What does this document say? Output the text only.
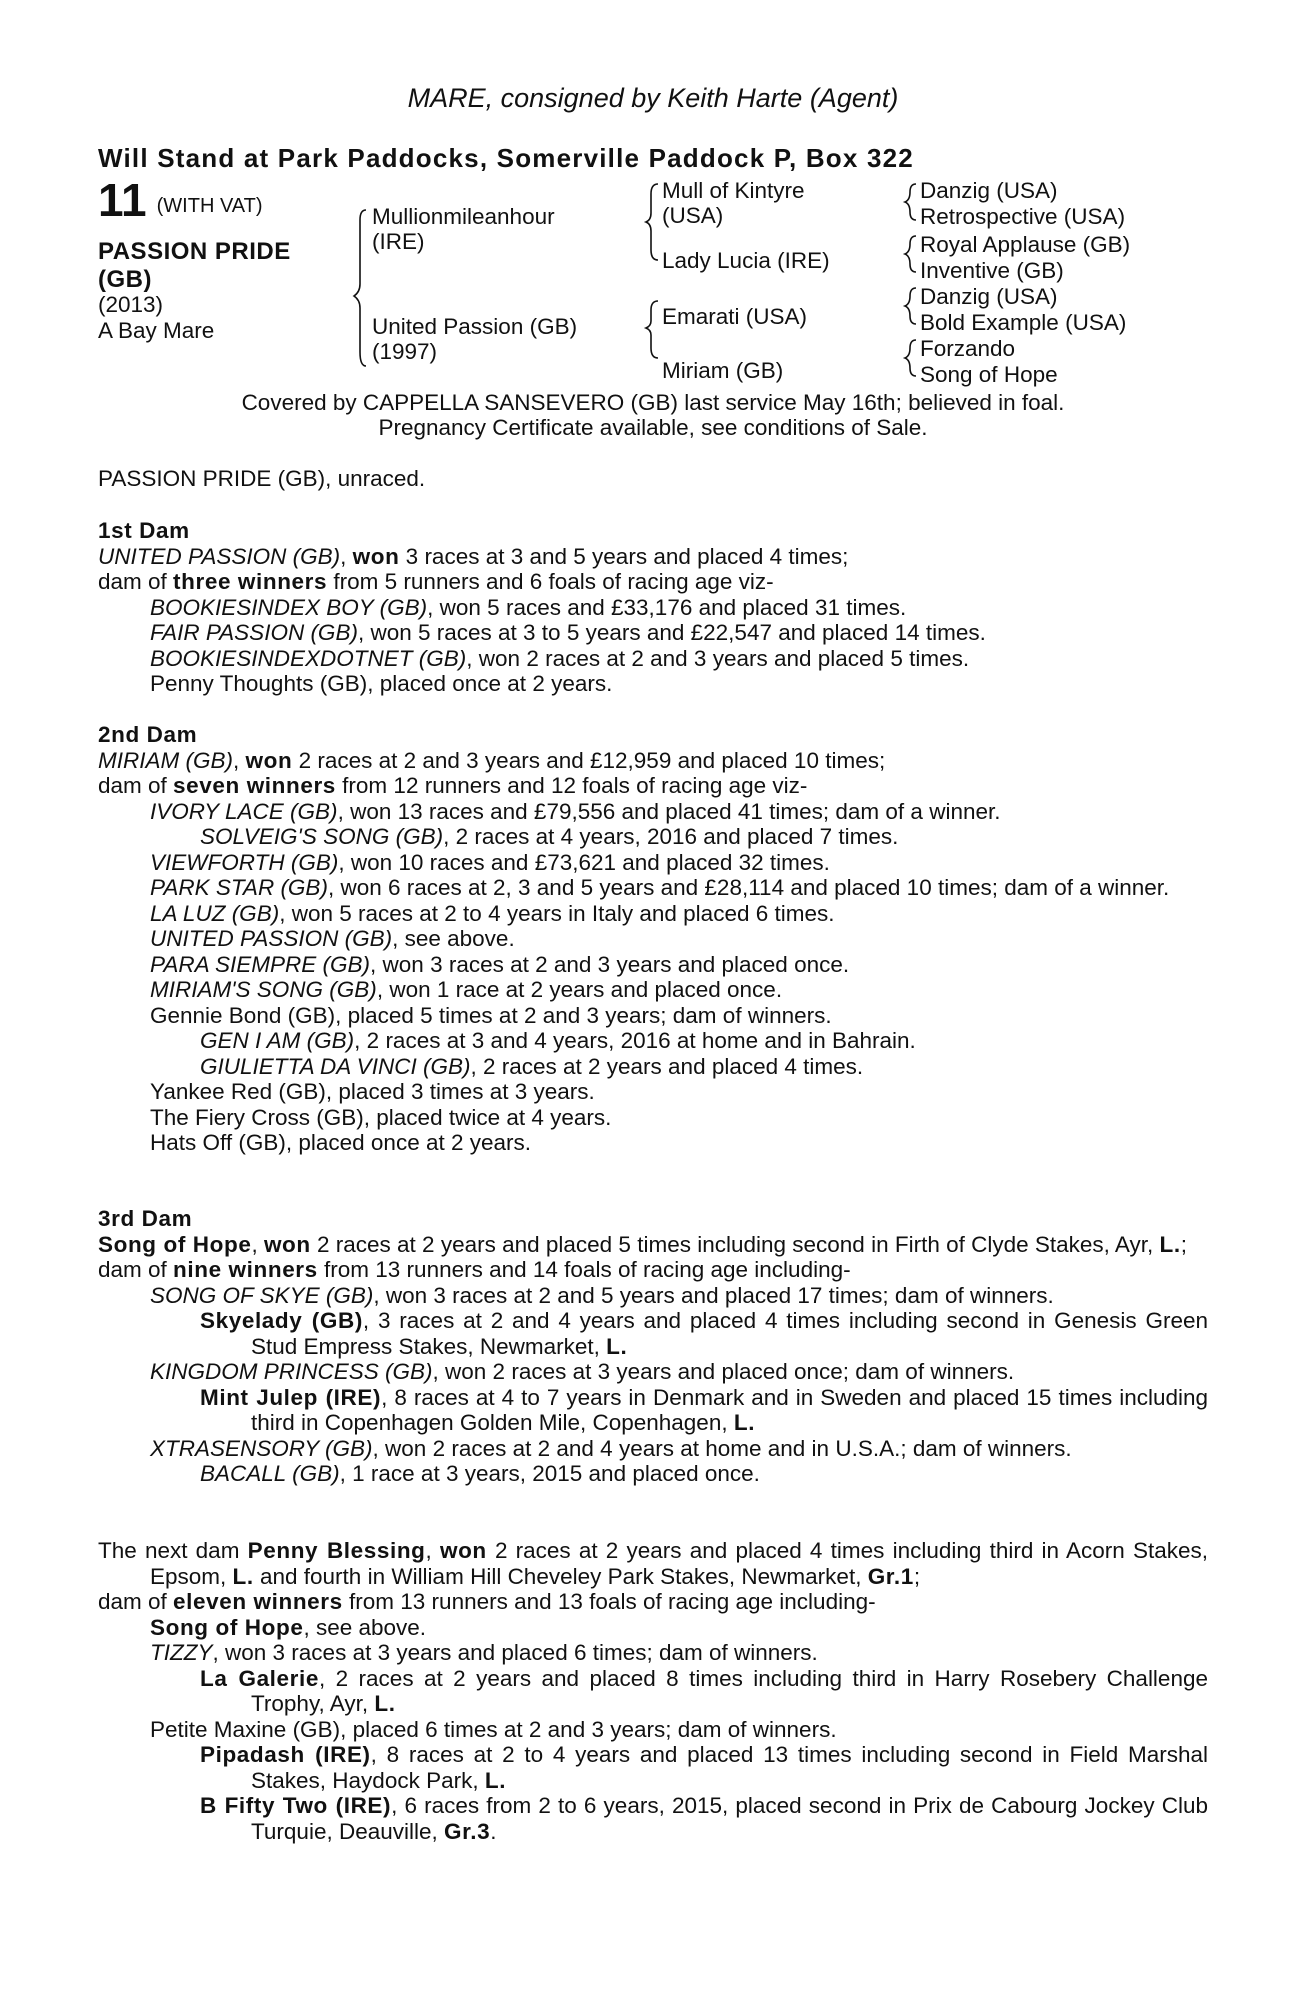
MARE, consigned by Keith Harte (Agent)
Will Stand at Park Paddocks, Somerville Paddock P, Box 322
11 (WITH VAT)
PASSION PRIDE
(GB)
(2013)
A Bay Mare
Mullionmileanhour
(IRE)
United Passion (GB)
(1997)
Mull of Kintyre
(USA)
Lady Lucia (IRE)
Emarati (USA)
Miriam (GB)
Danzig (USA)
Retrospective (USA)
Royal Applause (GB)
Inventive (GB)
Danzig (USA)
Bold Example (USA)
Forzando
Song of Hope
Covered by CAPPELLA SANSEVERO (GB) last service May 16th; believed in foal.
Pregnancy Certificate available, see conditions of Sale.
PASSION PRIDE (GB), unraced.
1st Dam
UNITED PASSION (GB), won 3 races at 3 and 5 years and placed 4 times;
dam of three winners from 5 runners and 6 foals of racing age viz-
BOOKIESINDEX BOY (GB), won 5 races and £33,176 and placed 31 times.
FAIR PASSION (GB), won 5 races at 3 to 5 years and £22,547 and placed 14 times.
BOOKIESINDEXDOTNET (GB), won 2 races at 2 and 3 years and placed 5 times.
Penny Thoughts (GB), placed once at 2 years.
2nd Dam
MIRIAM (GB), won 2 races at 2 and 3 years and £12,959 and placed 10 times;
dam of seven winners from 12 runners and 12 foals of racing age viz-
IVORY LACE (GB), won 13 races and £79,556 and placed 41 times; dam of a winner.
SOLVEIG'S SONG (GB), 2 races at 4 years, 2016 and placed 7 times.
VIEWFORTH (GB), won 10 races and £73,621 and placed 32 times.
PARK STAR (GB), won 6 races at 2, 3 and 5 years and £28,114 and placed 10 times; dam of a winner.
LA LUZ (GB), won 5 races at 2 to 4 years in Italy and placed 6 times.
UNITED PASSION (GB), see above.
PARA SIEMPRE (GB), won 3 races at 2 and 3 years and placed once.
MIRIAM'S SONG (GB), won 1 race at 2 years and placed once.
Gennie Bond (GB), placed 5 times at 2 and 3 years; dam of winners.
GEN I AM (GB), 2 races at 3 and 4 years, 2016 at home and in Bahrain.
GIULIETTA DA VINCI (GB), 2 races at 2 years and placed 4 times.
Yankee Red (GB), placed 3 times at 3 years.
The Fiery Cross (GB), placed twice at 4 years.
Hats Off (GB), placed once at 2 years.
3rd Dam
Song of Hope, won 2 races at 2 years and placed 5 times including second in Firth of Clyde Stakes, Ayr, L.;
dam of nine winners from 13 runners and 14 foals of racing age including-
SONG OF SKYE (GB), won 3 races at 2 and 5 years and placed 17 times; dam of winners.
Skyelady (GB), 3 races at 2 and 4 years and placed 4 times including second in Genesis Green Stud Empress Stakes, Newmarket, L.
KINGDOM PRINCESS (GB), won 2 races at 3 years and placed once; dam of winners.
Mint Julep (IRE), 8 races at 4 to 7 years in Denmark and in Sweden and placed 15 times including third in Copenhagen Golden Mile, Copenhagen, L.
XTRASENSORY (GB), won 2 races at 2 and 4 years at home and in U.S.A.; dam of winners.
BACALL (GB), 1 race at 3 years, 2015 and placed once.
The next dam Penny Blessing, won 2 races at 2 years and placed 4 times including third in Acorn Stakes, Epsom, L. and fourth in William Hill Cheveley Park Stakes, Newmarket, Gr.1;
dam of eleven winners from 13 runners and 13 foals of racing age including-
Song of Hope, see above.
TIZZY, won 3 races at 3 years and placed 6 times; dam of winners.
La Galerie, 2 races at 2 years and placed 8 times including third in Harry Rosebery Challenge Trophy, Ayr, L.
Petite Maxine (GB), placed 6 times at 2 and 3 years; dam of winners.
Pipadash (IRE), 8 races at 2 to 4 years and placed 13 times including second in Field Marshal Stakes, Haydock Park, L.
B Fifty Two (IRE), 6 races from 2 to 6 years, 2015, placed second in Prix de Cabourg Jockey Club Turquie, Deauville, Gr.3.
